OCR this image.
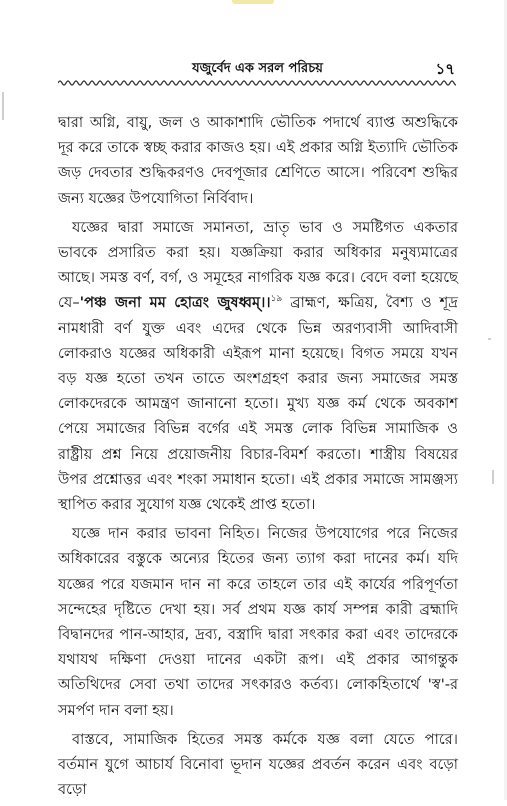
যজুর্বেদ এক সরল পরিচয়	১৭

দ্বারা অগ্নি, বায়ু, জল ও আকাশাদি ভৌতিক পদার্থে ব্যাপ্ত অশুদ্ধিকে দূর করে তাকে স্বচ্ছ করার কাজও হয়। এই প্রকার অগ্নি ইত্যাদি ভৌতিক জড় দেবতার শুদ্ধিকরণও দেবপূজার শ্রেণিতে আসে। পরিবেশ শুদ্ধির জন্য যজ্ঞের উপযোগিতা নির্বিবাদ।

যজ্ঞের দ্বারা সমাজে সমানতা, ভ্রাতৃ ভাব ও সমষ্টিগত একতার ভাবকে প্রসারিত করা হয়। যজ্ঞক্রিয়া করার অধিকার মনুষ্যমাত্রের আছে। সমস্ত বর্ণ, বর্গ, ও সমূহের নাগরিক যজ্ঞ করে। বেদে বলা হয়েছে যে–'পঞ্চ জনা মম হোত্রং জুষধ্বম্‌।।$^{১৯}$ ব্রাহ্মণ, ক্ষত্রিয়, বৈশ্য ও শূদ্র নামধারী বর্ণ যুক্ত এবং এদের থেকে ভিন্ন অরণ্যবাসী আদিবাসী লোকরাও যজ্ঞের অধিকারী এইরূপ মানা হয়েছে। বিগত সময়ে যখন বড় যজ্ঞ হতো তখন তাতে অংশগ্রহণ করার জন্য সমাজের সমস্ত লোকদেরকে আমন্ত্রণ জানানো হতো। মুখ্য যজ্ঞ কর্ম থেকে অবকাশ পেয়ে সমাজের বিভিন্ন বর্গের এই সমস্ত লোক বিভিন্ন সামাজিক ও রাষ্ট্রীয় প্রশ্ন নিয়ে প্রয়োজনীয় বিচার-বিমর্শ করতো। শাস্ত্রীয় বিষয়ের উপর প্রশ্নোত্তর এবং শংকা সমাধান হতো। এই প্রকার সমাজে সামঞ্জস্য স্থাপিত করার সুযোগ যজ্ঞ থেকেই প্রাপ্ত হতো।

যজ্ঞে দান করার ভাবনা নিহিত। নিজের উপযোগের পরে নিজের অধিকারের বস্তুকে অন্যের হিতের জন্য ত্যাগ করা দানের কর্ম। যদি যজ্ঞের পরে যজমান দান না করে তাহলে তার এই কার্যের পরিপূর্ণতা সন্দেহের দৃষ্টিতে দেখা হয়। সর্ব প্রথম যজ্ঞ কার্য সম্পন্ন কারী ব্রহ্মাদি বিদ্বানদের পান-আহার, দ্রব্য, বস্ত্রাদি দ্বারা সৎকার করা এবং তাদেরকে যথাযথ দক্ষিণা দেওয়া দানের একটা রূপ। এই প্রকার আগন্তুক অতিথিদের সেবা তথা তাদের সৎকারও কর্তব্য। লোকহিতার্থে 'স্ব'-র সমর্পণ দান বলা হয়।

বাস্তবে, সামাজিক হিতের সমস্ত কর্মকে যজ্ঞ বলা যেতে পারে। বর্তমান যুগে আচার্য বিনোবা ভূদান যজ্ঞের প্রবর্তন করেন এবং বড়ো বড়ো
